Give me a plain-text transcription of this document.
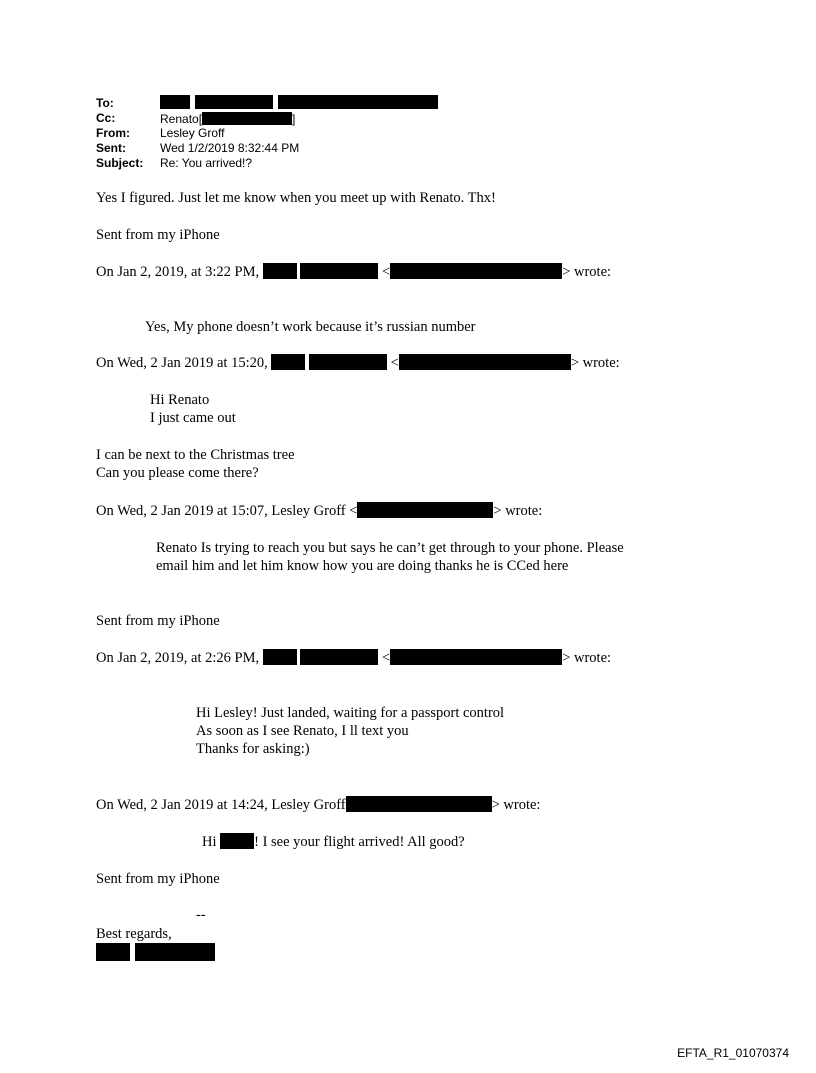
To:
Cc:	Renato[	]
From:	Lesley Groff
Sent:	Wed 1/2/2019 8:32:44 PM
Subject: Re: You arrived!?
Yes I figured. Just let me know when you meet up with Renato. Thx!
Sent from my iPhone
On Jan 2, 2019, at 3:22 PM,	<	> wrote:
Yes, My phone doesn’t work because it’s russian number
On Wed, 2 Jan 2019 at 15:20,	<	> wrote:
Hi Renato
I just came out
I can be next to the Christmas tree
Can you please come there?
On Wed, 2 Jan 2019 at 15:07, Lesley Groff <	> wrote:
Renato Is trying to reach you but says he can’t get through to your phone. Please
email him and let him know how you are doing thanks he is CCed here
Sent from my iPhone
On Jan 2, 2019, at 2:26 PM,	<	> wrote:
Hi Lesley! Just landed, waiting for a passport control
As soon as I see Renato, I ll text you
Thanks for asking:)
On Wed, 2 Jan 2019 at 14:24, Lesley Groff	> wrote:
Hi	! I see your flight arrived! All good?
Sent from my iPhone
--
Best regards,
EFTA_R1_01070374
